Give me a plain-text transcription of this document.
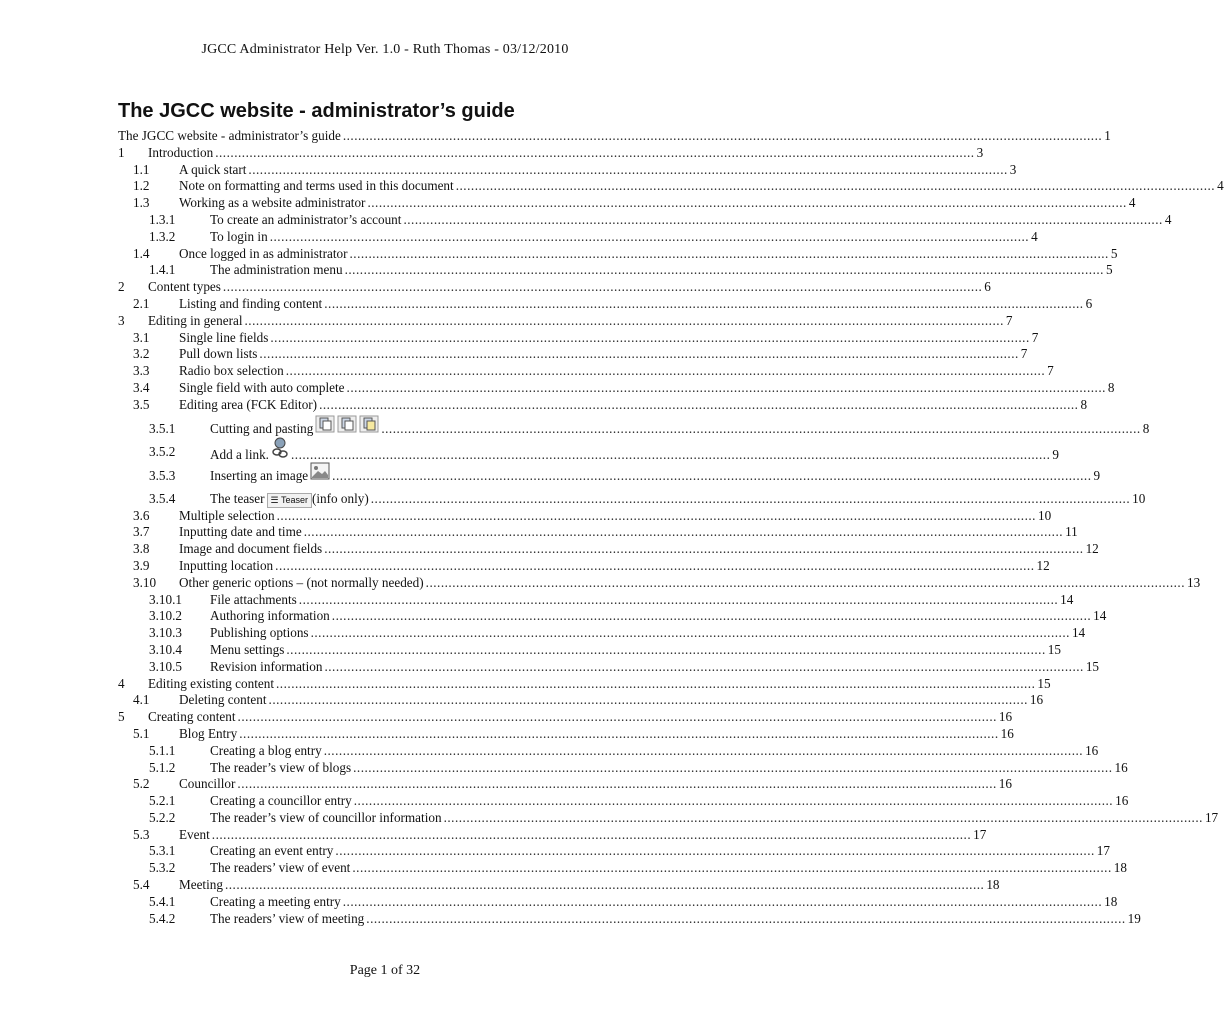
JGCC Administrator Help Ver. 1.0 - Ruth Thomas - 03/12/2010
The JGCC website - administrator’s guide
The JGCC website - administrator’s guide ........................................................................................................................................................................................................ 1
1 Introduction ........................................................................................................................................................................................................ 3
1.1 A quick start ........................................................................................................................................................................................................ 3
1.2 Note on formatting and terms used in this document ........................................................................................................................................................................................................ 4
1.3 Working as a website administrator ........................................................................................................................................................................................................ 4
1.3.1	To create an administrator’s account ........................................................................................................................................................................................................ 4
1.3.2	To login in ........................................................................................................................................................................................................ 4
1.4 Once logged in as administrator ........................................................................................................................................................................................................ 5
1.4.1	The administration menu ........................................................................................................................................................................................................ 5
2 Content types ........................................................................................................................................................................................................ 6
2.1 Listing and finding content ........................................................................................................................................................................................................ 6
3 Editing in general ........................................................................................................................................................................................................ 7
3.1 Single line fields ........................................................................................................................................................................................................ 7
3.2 Pull down lists ........................................................................................................................................................................................................ 7
3.3 Radio box selection ........................................................................................................................................................................................................ 7
3.4 Single field with auto complete ........................................................................................................................................................................................................ 8
3.5 Editing area (FCK Editor) ........................................................................................................................................................................................................ 8
3.5.1	Cutting and pasting	........................................................................................................................................................................................................ 8
3.5.2	Add a link. ........................................................................................................................................................................................................ 9
3.5.3	Inserting an image ........................................................................................................................................................................................................ 9
3.5.4	The teaser ☰ Teaser (info only) ........................................................................................................................................................................................................ 10
3.6 Multiple selection ........................................................................................................................................................................................................ 10
3.7 Inputting date and time ........................................................................................................................................................................................................ 11
3.8 Image and document fields ........................................................................................................................................................................................................ 12
3.9 Inputting location ........................................................................................................................................................................................................ 12
3.10 Other generic options – (not normally needed) ........................................................................................................................................................................................................ 13
3.10.1 File attachments ........................................................................................................................................................................................................ 14
3.10.2 Authoring information ........................................................................................................................................................................................................ 14
3.10.3 Publishing options ........................................................................................................................................................................................................ 14
3.10.4 Menu settings ........................................................................................................................................................................................................ 15
3.10.5 Revision information ........................................................................................................................................................................................................ 15
4 Editing existing content ........................................................................................................................................................................................................ 15
4.1 Deleting content ........................................................................................................................................................................................................ 16
5 Creating content ........................................................................................................................................................................................................ 16
5.1 Blog Entry ........................................................................................................................................................................................................ 16
5.1.1	Creating a blog entry ........................................................................................................................................................................................................ 16
5.1.2	The reader’s view of blogs ........................................................................................................................................................................................................ 16
5.2 Councillor ........................................................................................................................................................................................................ 16
5.2.1	Creating a councillor entry ........................................................................................................................................................................................................ 16
5.2.2	The reader’s view of councillor information ........................................................................................................................................................................................................ 17
5.3 Event ........................................................................................................................................................................................................ 17
5.3.1	Creating an event entry ........................................................................................................................................................................................................ 17
5.3.2	The readers’ view of event ........................................................................................................................................................................................................ 18
5.4 Meeting ........................................................................................................................................................................................................ 18
5.4.1	Creating a meeting entry ........................................................................................................................................................................................................ 18
5.4.2	The readers’ view of meeting ........................................................................................................................................................................................................ 19
Page 1 of 32
